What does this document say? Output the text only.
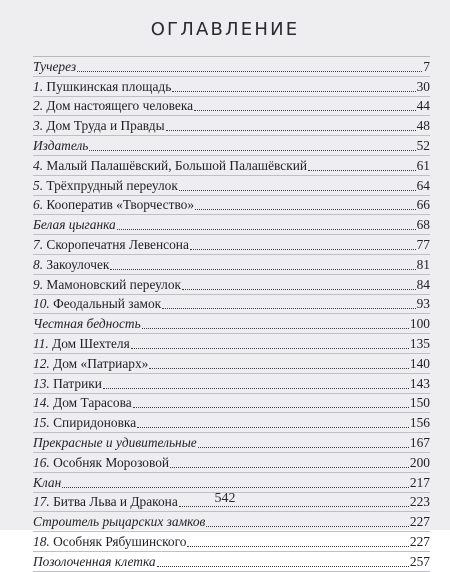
ОГЛАВЛЕНИЕ
Тучерез	7
1. Пушкинская площадь	30
2. Дом настоящего человека	44
3. Дом Труда и Правды	48
Издатель	52
4. Малый Палашёвский, Большой Палашёвский	61
5. Трёхпрудный переулок	64
6. Кооператив «Творчество»	66
Белая цыганка	68
7. Скоропечатня Левенсона	77
8. Закоулочек	81
9. Мамоновский переулок	84
10. Феодальный замок	93
Честная бедность	100
11. Дом Шехтеля	135
12. Дом «Патриарх»	140
13. Патрики	143
14. Дом Тарасова	150
15. Спиридоновка	156
Прекрасные и удивительные	167
16. Особняк Морозовой	200
Клан	217
17. Битва Льва и Дракона	223
Строитель рыцарских замков	227
18. Особняк Рябушинского	227
Позолоченная клетка	257
542
